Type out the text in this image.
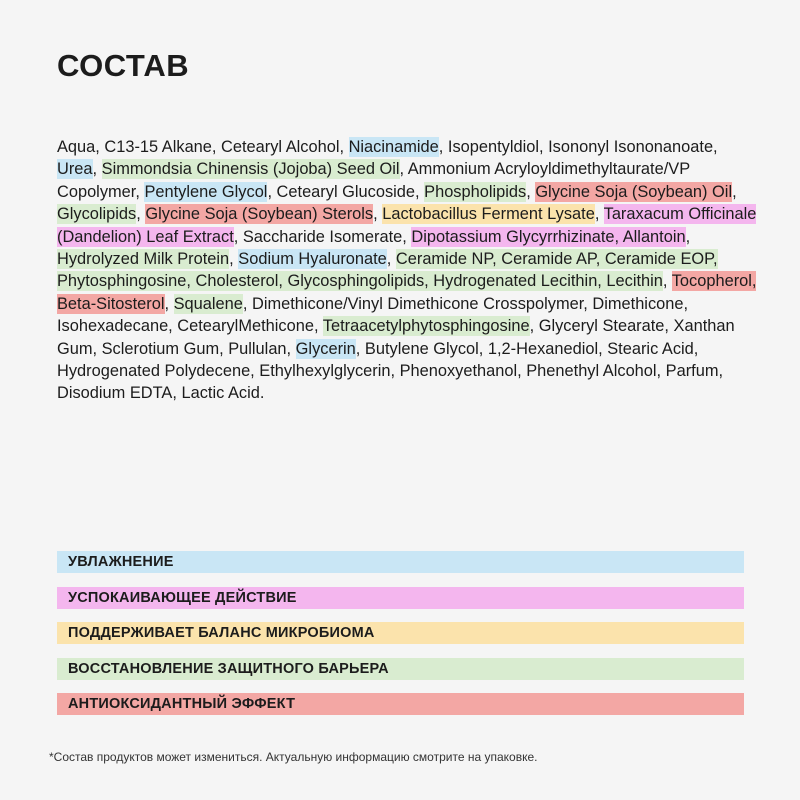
СОСТАВ

Aqua, C13-15 Alkane, Cetearyl Alcohol, Niacinamide, Isopentyldiol, Isononyl Isononanoate, Urea, Simmondsia Chinensis (Jojoba) Seed Oil, Ammonium Acryloyldimethyltaurate/VP Copolymer, Pentylene Glycol, Cetearyl Glucoside, Phospholipids, Glycine Soja (Soybean) Oil, Glycolipids, Glycine Soja (Soybean) Sterols, Lactobacillus Ferment Lysate, Taraxacum Officinale (Dandelion) Leaf Extract, Saccharide Isomerate, Dipotassium Glycyrrhizinate, Allantoin, Hydrolyzed Milk Protein, Sodium Hyaluronate, Ceramide NP, Ceramide AP, Ceramide EOP, Phytosphingosine, Cholesterol, Glycosphingolipids, Hydrogenated Lecithin, Lecithin, Tocopherol, Beta-Sitosterol, Squalene, Dimethicone/Vinyl Dimethicone Crosspolymer, Dimethicone, Isohexadecane, CetearylMethicone, Tetraacetylphytosphingosine, Glyceryl Stearate, Xanthan Gum, Sclerotium Gum, Pullulan, Glycerin, Butylene Glycol, 1,2-Hexanediol, Stearic Acid, Hydrogenated Polydecene, Ethylhexylglycerin, Phenoxyethanol, Phenethyl Alcohol, Parfum, Disodium EDTA, Lactic Acid.

УВЛАЖНЕНИЕ
УСПОКАИВАЮЩЕЕ ДЕЙСТВИЕ
ПОДДЕРЖИВАЕТ БАЛАНС МИКРОБИОМА
ВОССТАНОВЛЕНИЕ ЗАЩИТНОГО БАРЬЕРА
АНТИОКСИДАНТНЫЙ ЭФФЕКТ

*Состав продуктов может измениться. Актуальную информацию смотрите на упаковке.
